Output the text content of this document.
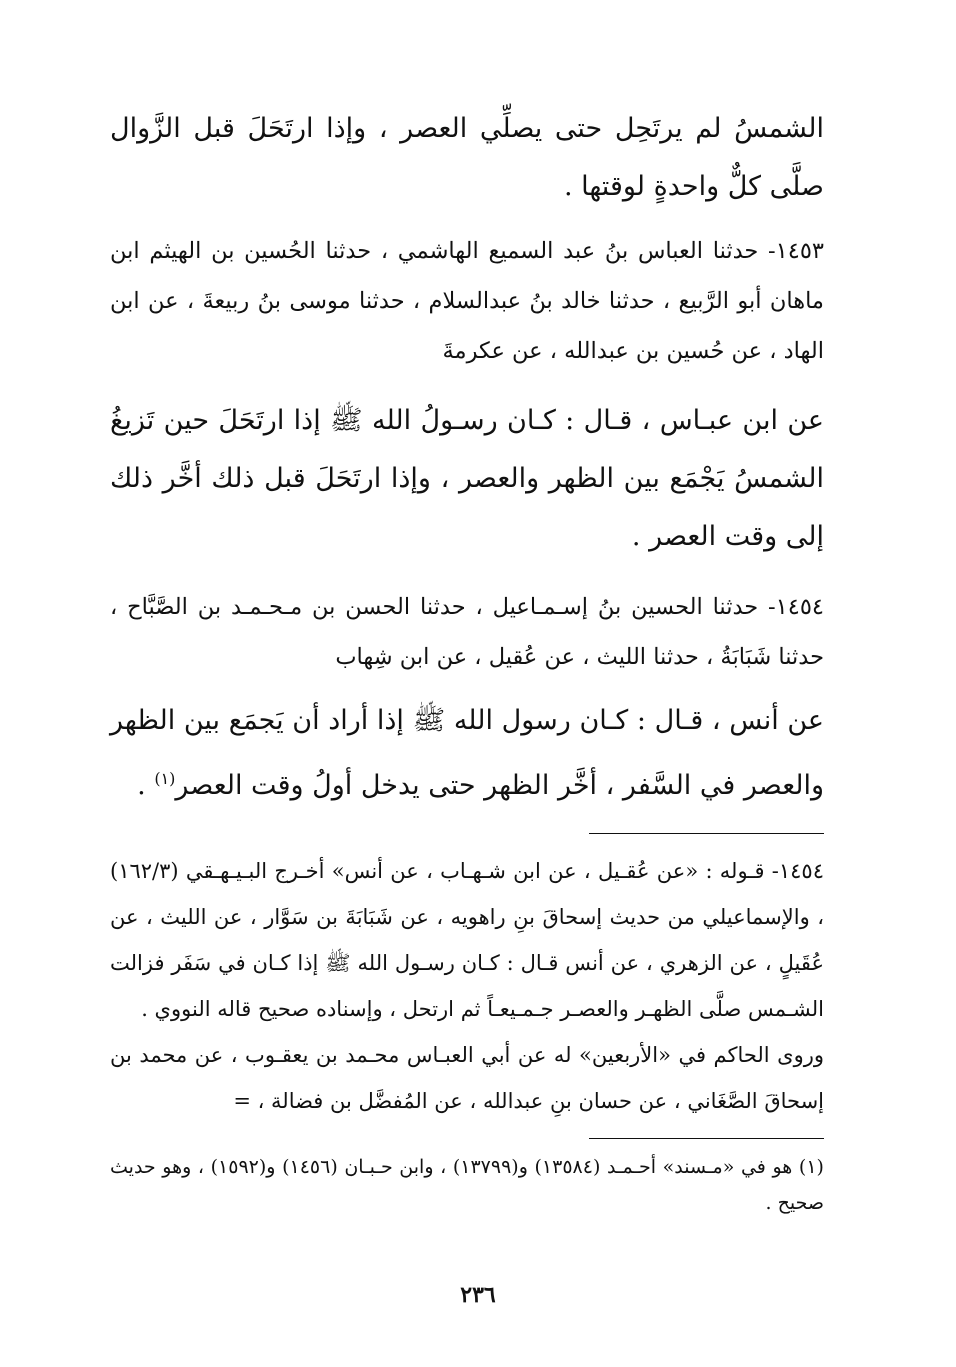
الشمسُ لم يرتَحِل حتى يصلِّي العصر ، وإذا ارتَحَلَ قبل الزَّوال صلَّى كلٌّ واحدةٍ لوقتها .

١٤٥٣- حدثنا العباس بنُ عبد السميع الهاشمي ، حدثنا الحُسين بن الهيثم ابن ماهان أبو الرَّبيع ، حدثنا خالد بنُ عبدالسلام ، حدثنا موسى بنُ ربيعةَ ، عن ابن الهاد ، عن حُسين بن عبدالله ، عن عكرمةَ

عن ابن عبـاس ، قـال : كـان رسـولُ الله ﷺ إذا ارتَحَلَ حين تَزيغُ الشمسُ يَجْمَع بين الظهر والعصر ، وإذا ارتَحَلَ قبل ذلك أخَّر ذلك إلى وقت العصر .

١٤٥٤- حدثنا الحسين بنُ إسـمـاعيل ، حدثنا الحسن بن مـحـمـد بن الصَّبَّاح ، حدثنا شَبَابَةُ ، حدثنا الليث ، عن عُقيل ، عن ابن شِهاب

عن أنس ، قـال : كـان رسول الله ﷺ إذا أراد أن يَجمَع بين الظهر والعصر في السَّفر ، أخَّر الظهر حتى يدخل أولُ وقت العصر$^{(١)}$ .

١٤٥٤- قـوله : «عن عُقـيل ، عن ابن شـهـاب ، عن أنس» أخـرج البـيـهـقي (١٦٢/٣) ، والإسماعيلي من حديث إسحاقَ بنِ راهويه ، عن شَبَابَةَ بن سَوَّار ، عن الليث ، عن عُقَيلٍ ، عن الزهري ، عن أنس قـال : كـان رسـول الله ﷺ إذا كـان في سَفَر فزالت الشـمس صلَّى الظهـر والعصـر جـمـيعـاً ثم ارتحل ، وإسناده صحيح قاله النووي .

وروى الحاكم في «الأربعين» له عن أبي العبـاس محـمد بن يعقـوب ، عن محمد بن إسحاقَ الصَّغَاني ، عن حسان بنِ عبدالله ، عن المُفضَّل بن فضالة ، =

(١) هو في «مـسند» أحـمـد (١٣٥٨٤) و(١٣٧٩٩) ، وابن حـبـان (١٤٥٦) و(١٥٩٢) ، وهو حديث صحيح .

٢٣٦
